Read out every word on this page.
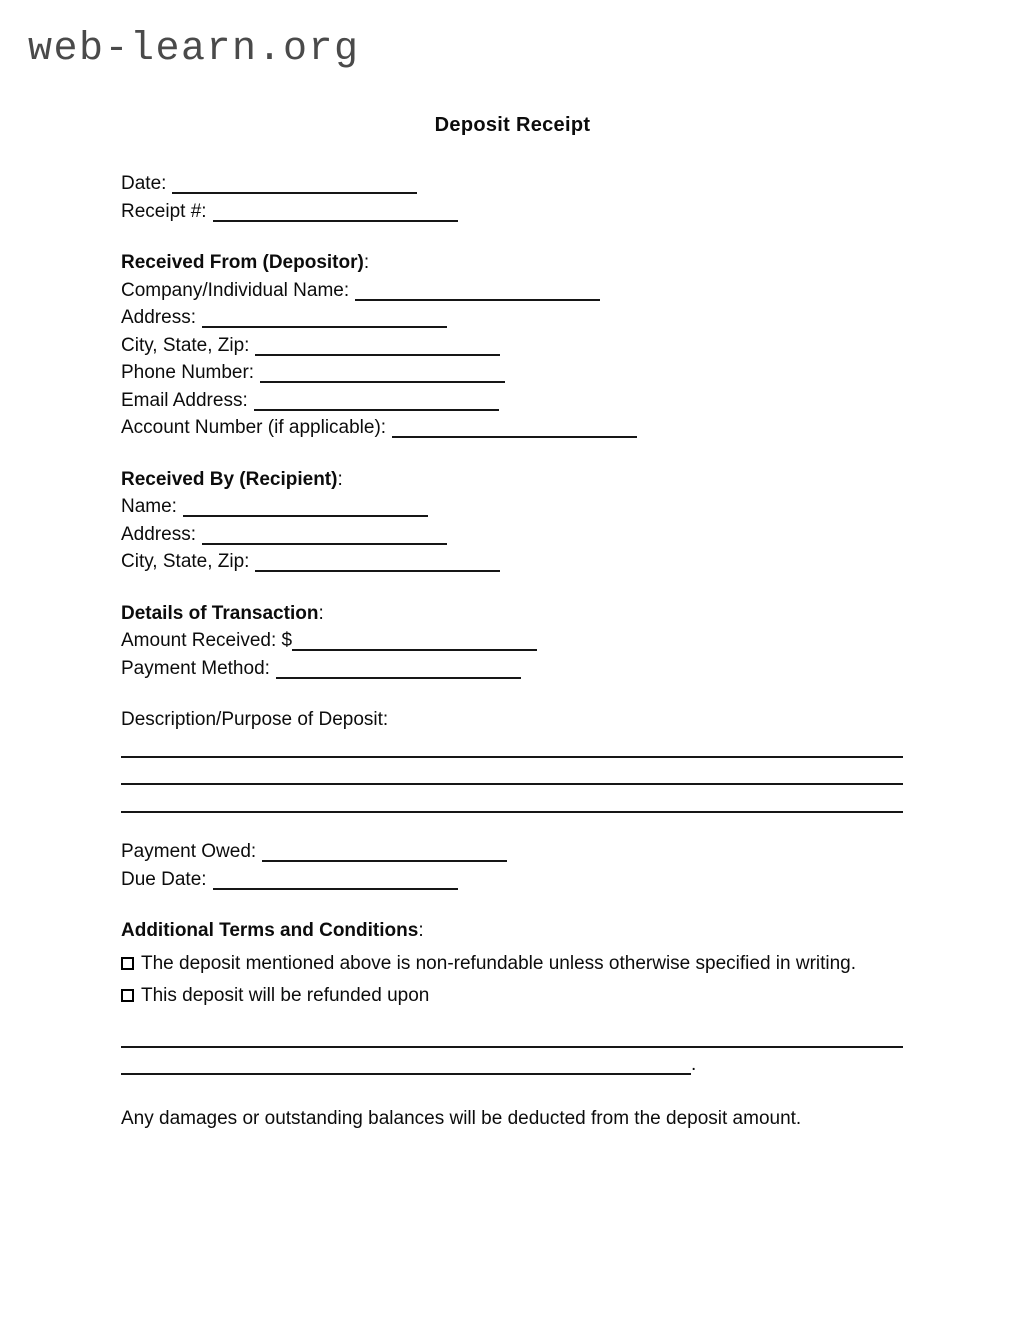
web-learn.org
Deposit Receipt
Date:
Receipt #:
Received From (Depositor):
Company/Individual Name:
Address:
City, State, Zip:
Phone Number:
Email Address:
Account Number (if applicable):
Received By (Recipient):
Name:
Address:
City, State, Zip:
Details of Transaction:
Amount Received: $
Payment Method:
Description/Purpose of Deposit:
Payment Owed:
Due Date:
Additional Terms and Conditions:
The deposit mentioned above is non-refundable unless otherwise specified in writing.
This deposit will be refunded upon
.
Any damages or outstanding balances will be deducted from the deposit amount.
